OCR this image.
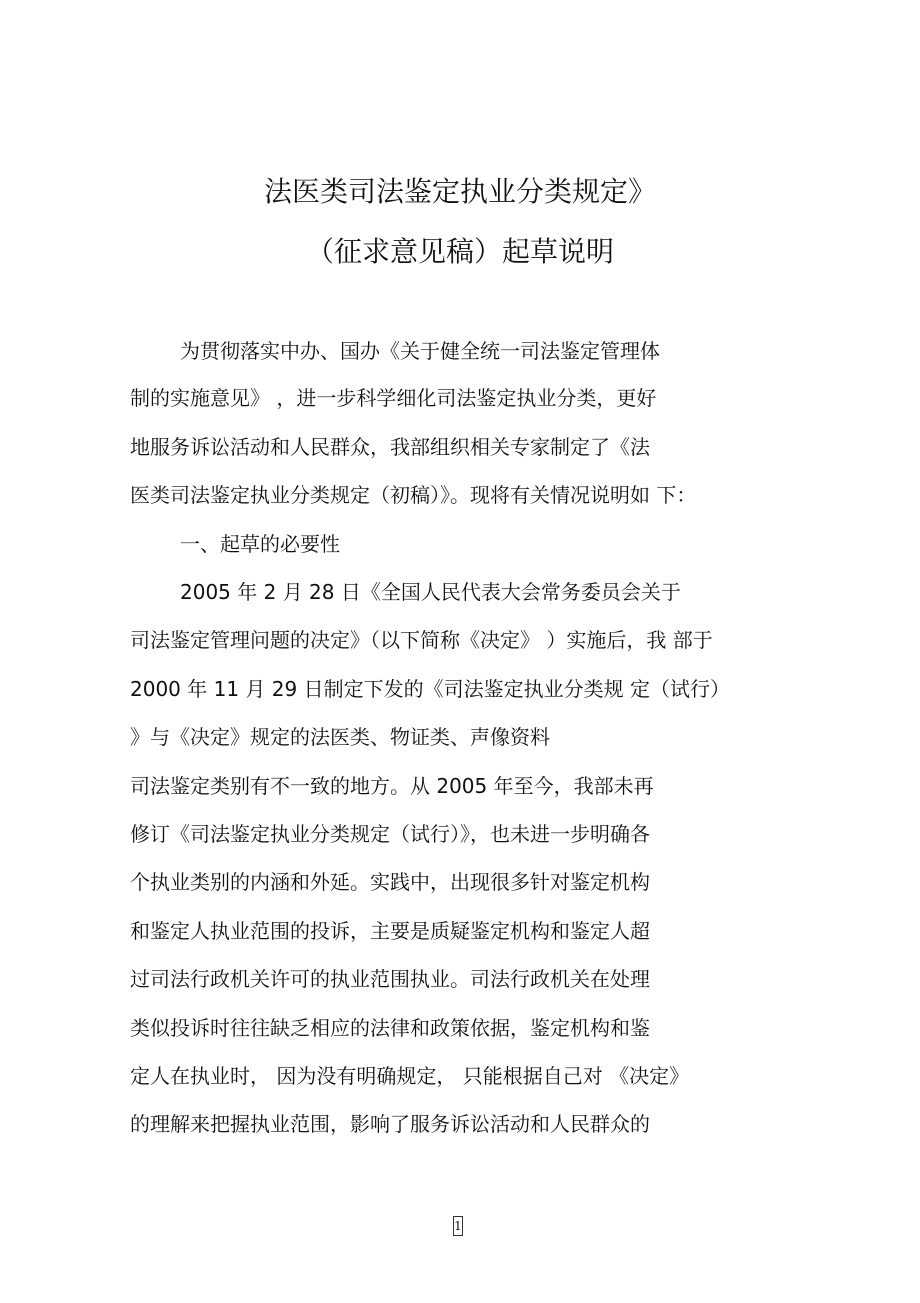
法医类司法鉴定执业分类规定》
（征求意见稿）起草说明
为贯彻落实中办、国办《关于健全统一司法鉴定管理体
制的实施意见》 ，进一步科学细化司法鉴定执业分类，更好
地服务诉讼活动和人民群众，我部组织相关专家制定了《法
医类司法鉴定执业分类规定（初稿）》。现将有关情况说明如 下：
一、起草的必要性
2005 年 2 月 28 日《全国人民代表大会常务委员会关于
司法鉴定管理问题的决定》（以下简称《决定》 ）实施后，我 部于
2000 年 11 月 29 日制定下发的《司法鉴定执业分类规 定（试行）
》与《决定》规定的法医类、物证类、声像资料
司法鉴定类别有不一致的地方。从 2005 年至今，我部未再
修订《司法鉴定执业分类规定（试行）》，也未进一步明确各
个执业类别的内涵和外延。实践中，出现很多针对鉴定机构
和鉴定人执业范围的投诉，主要是质疑鉴定机构和鉴定人超
过司法行政机关许可的执业范围执业。司法行政机关在处理
类似投诉时往往缺乏相应的法律和政策依据，鉴定机构和鉴
定人在执业时， 因为没有明确规定， 只能根据自己对 《决定》
的理解来把握执业范围，影响了服务诉讼活动和人民群众的
1
